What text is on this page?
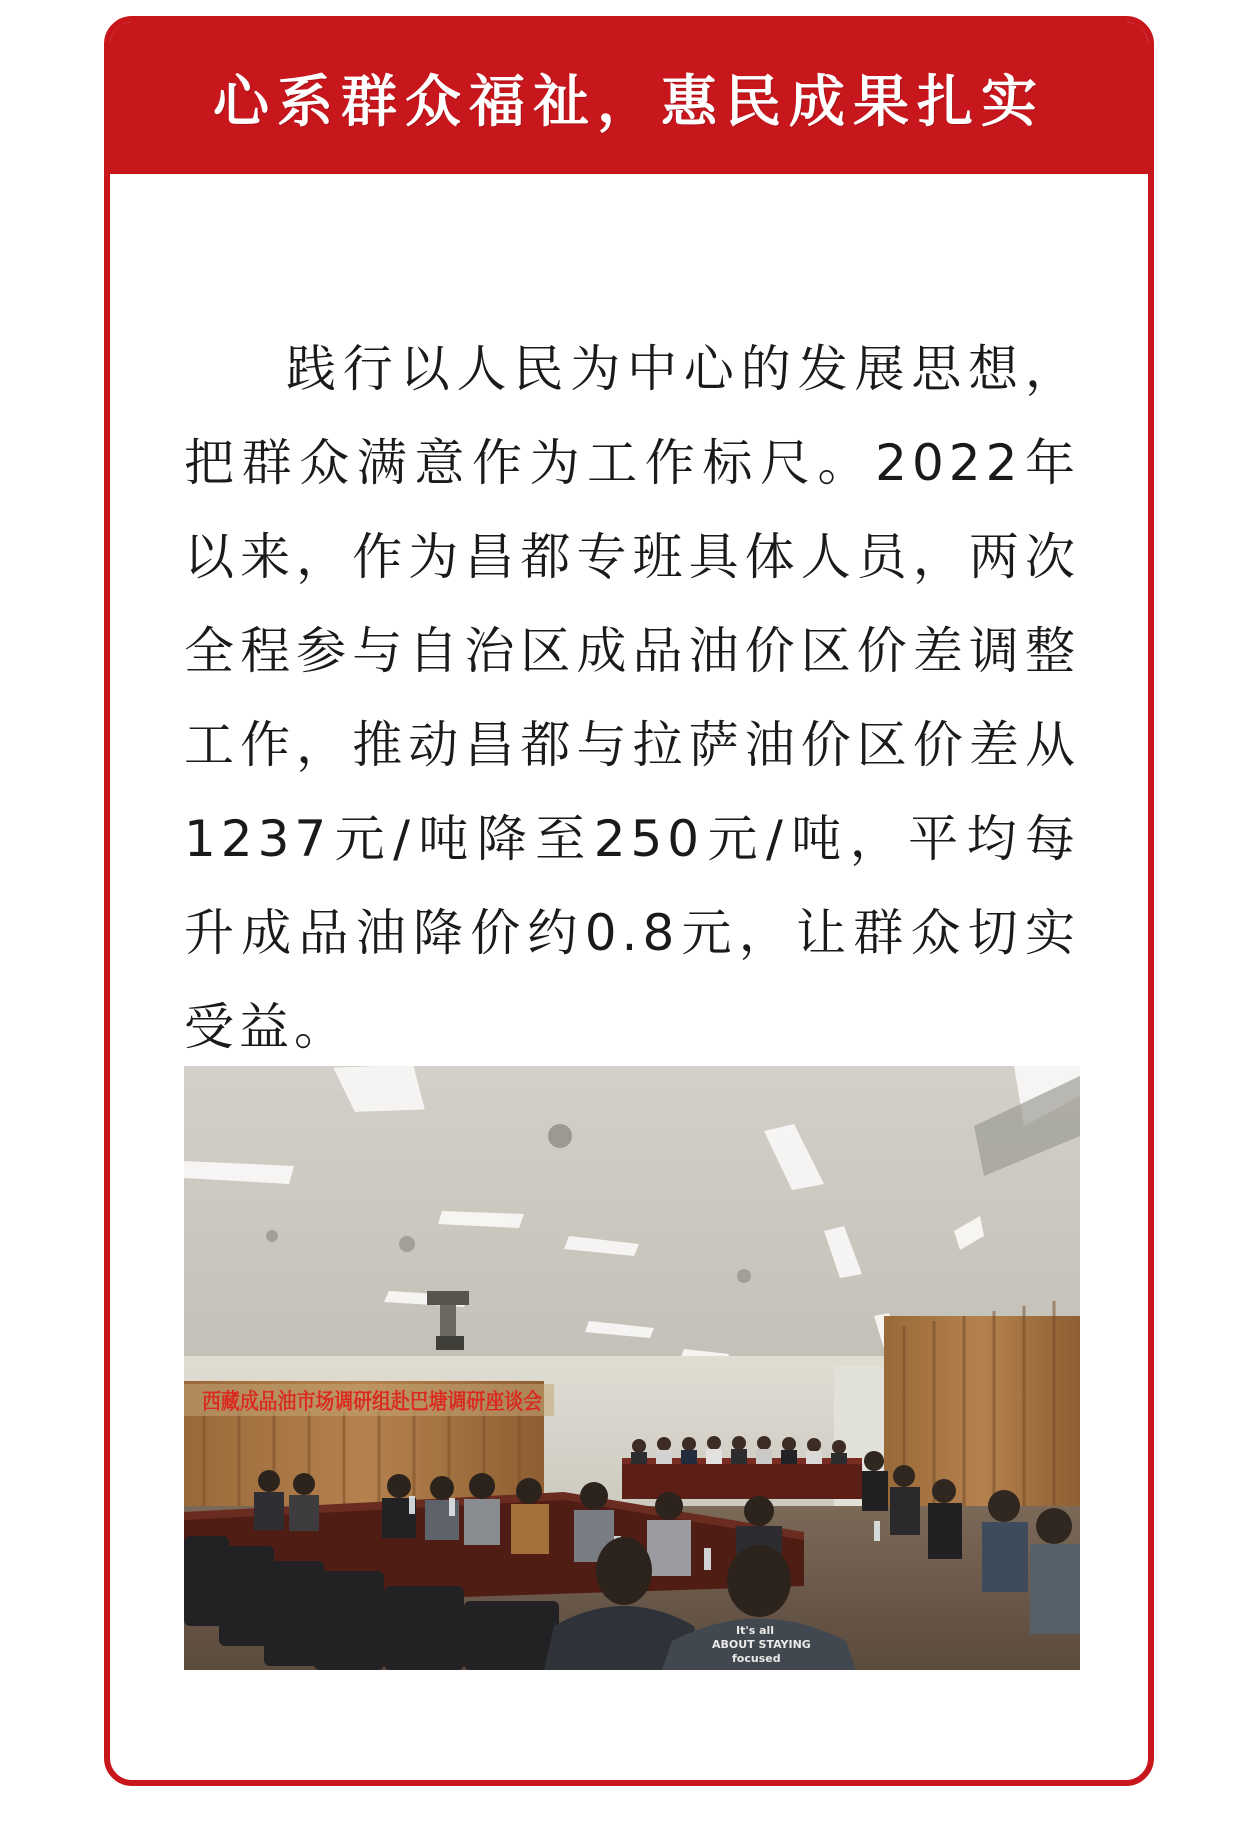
心系群众福祉，惠民成果扎实

践行以人民为中心的发展思想，把群众满意作为工作标尺。2022年以来，作为昌都专班具体人员，两次全程参与自治区成品油价区价差调整工作，推动昌都与拉萨油价区价差从1237元/吨降至250元/吨，平均每升成品油降价约0.8元，让群众切实受益。

西藏成品油市场调研组赴巴塘调研座谈会
It's all
ABOUT STAYING
focused
